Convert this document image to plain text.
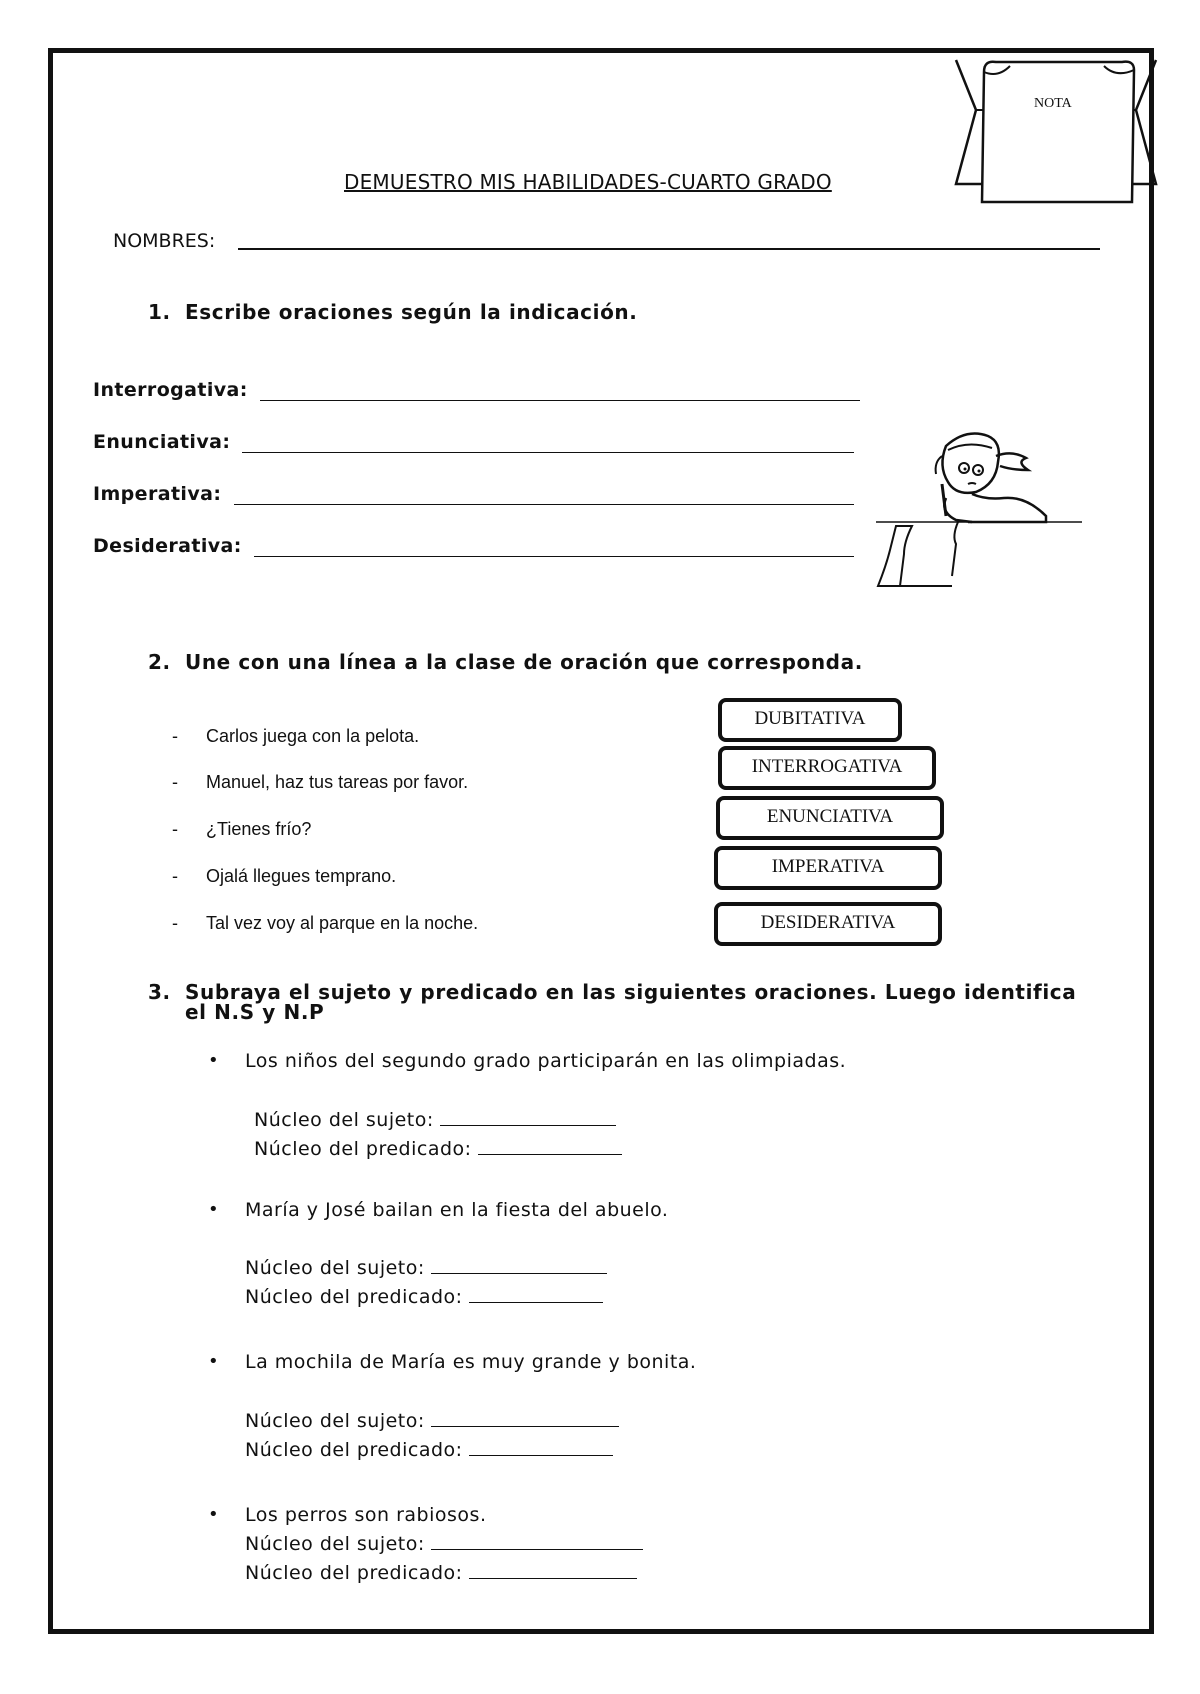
NOTA
DEMUESTRO MIS HABILIDADES-CUARTO GRADO
NOMBRES:
1. Escribe oraciones según la indicación.
Interrogativa:
Enunciativa:
Imperativa:
Desiderativa:
2. Une con una línea a la clase de oración que corresponda.
- Carlos juega con la pelota.
- Manuel, haz tus tareas por favor.
- ¿Tienes frío?
- Ojalá llegues temprano.
- Tal vez voy al parque en la noche.
DUBITATIVA
INTERROGATIVA
ENUNCIATIVA
IMPERATIVA
DESIDERATIVA
3. Subraya el sujeto y predicado en las siguientes oraciones. Luego identifica
el N.S y N.P
• Los niños del segundo grado participarán en las olimpiadas.
Núcleo del sujeto:
Núcleo del predicado:
• María y José bailan en la fiesta del abuelo.
Núcleo del sujeto:
Núcleo del predicado:
• La mochila de María es muy grande y bonita.
Núcleo del sujeto:
Núcleo del predicado:
• Los perros son rabiosos.
Núcleo del sujeto:
Núcleo del predicado:
